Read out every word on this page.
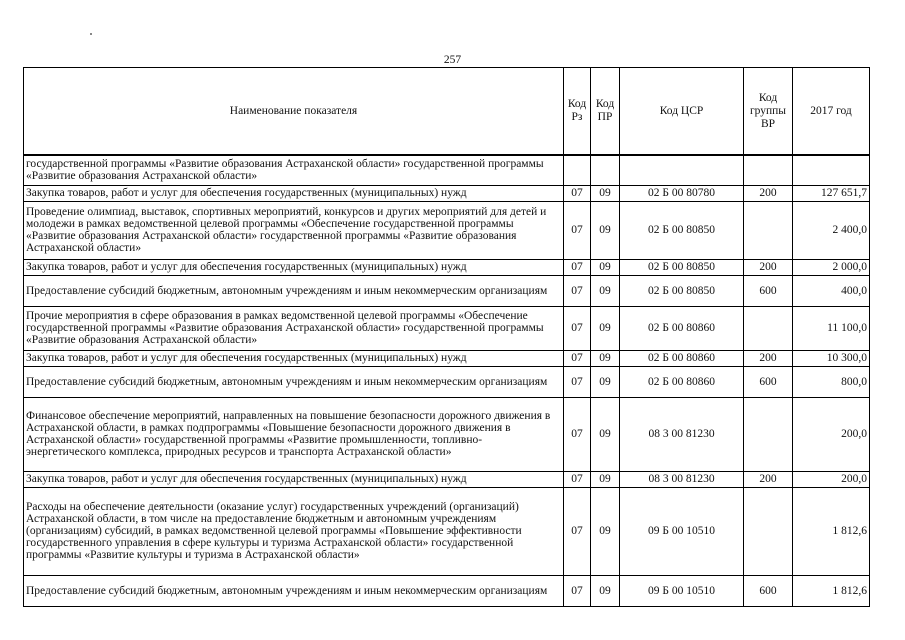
257
Наименование показателя	Код Рз	Код ПР	Код ЦСР	Код группы ВР	2017 год
государственной программы «Развитие образования Астраханской области» государственной программы «Развитие образования Астраханской области»					
Закупка товаров, работ и услуг для обеспечения государственных (муниципальных) нужд	07	09	02 Б 00 80780	200	127 651,7
Проведение олимпиад, выставок, спортивных мероприятий, конкурсов и других мероприятий для детей и молодежи в рамках ведомственной целевой программы «Обеспечение государственной программы «Развитие образования Астраханской области» государственной программы «Развитие образования Астраханской области»	07	09	02 Б 00 80850		2 400,0
Закупка товаров, работ и услуг для обеспечения государственных (муниципальных) нужд	07	09	02 Б 00 80850	200	2 000,0
Предоставление субсидий бюджетным, автономным учреждениям и иным некоммерческим организациям	07	09	02 Б 00 80850	600	400,0
Прочие мероприятия в сфере образования в рамках ведомственной целевой программы «Обеспечение государственной программы «Развитие образования Астраханской области» государственной программы «Развитие образования Астраханской области»	07	09	02 Б 00 80860		11 100,0
Закупка товаров, работ и услуг для обеспечения государственных (муниципальных) нужд	07	09	02 Б 00 80860	200	10 300,0
Предоставление субсидий бюджетным, автономным учреждениям и иным некоммерческим организациям	07	09	02 Б 00 80860	600	800,0
Финансовое обеспечение мероприятий, направленных на повышение безопасности дорожного движения в Астраханской области, в рамках подпрограммы «Повышение безопасности дорожного движения в Астраханской области» государственной программы «Развитие промышленности, топливно-энергетического комплекса, природных ресурсов и транспорта Астраханской области»	07	09	08 3 00 81230		200,0
Закупка товаров, работ и услуг для обеспечения государственных (муниципальных) нужд	07	09	08 3 00 81230	200	200,0
Расходы на обеспечение деятельности (оказание услуг) государственных учреждений (организаций) Астраханской области, в том числе на предоставление бюджетным и автономным учреждениям (организациям) субсидий, в рамках ведомственной целевой программы «Повышение эффективности государственного управления в сфере культуры и туризма Астраханской области» государственной программы «Развитие культуры и туризма в Астраханской области»	07	09	09 Б 00 10510		1 812,6
Предоставление субсидий бюджетным, автономным учреждениям и иным некоммерческим организациям	07	09	09 Б 00 10510	600	1 812,6
